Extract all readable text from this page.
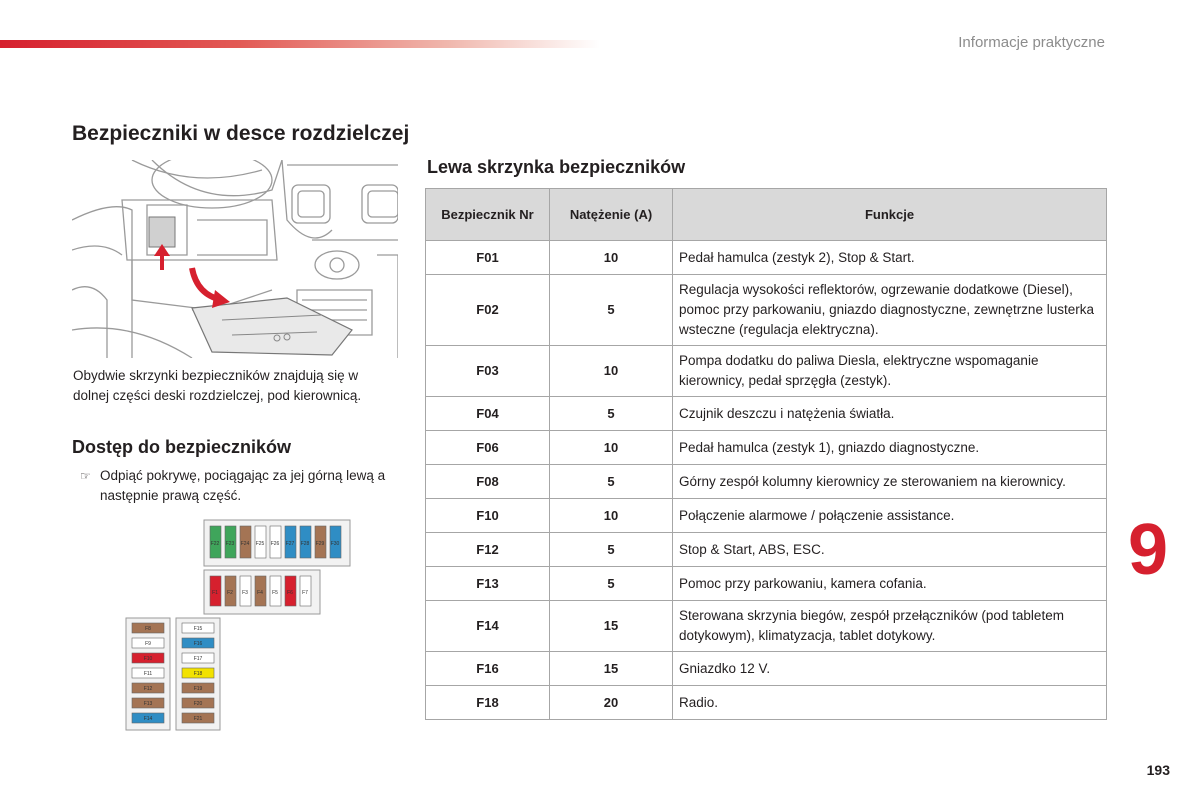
Informacje praktyczne
Bezpieczniki w desce rozdzielczej

Obydwie skrzynki bezpieczników znajdują się w dolnej części deski rozdzielczej, pod kierownicą.

Dostęp do bezpieczników
☞ Odpiąć pokrywę, pociągając za jej górną lewą a następnie prawą część.
F22 F23 F24 F25 F26 F27 F28 F29 F30
F1 F2 F3 F4 F5 F6 F7
F8
F9
F10
F11
F12
F13
F14
F15
F16
F17
F18
F19
F20
F21
Lewa skrzynka bezpieczników
Bezpiecznik Nr	Natężenie (A)	Funkcje
F01	10	Pedał hamulca (zestyk 2), Stop & Start.
F02	5	Regulacja wysokości reflektorów, ogrzewanie dodatkowe (Diesel), pomoc przy parkowaniu, gniazdo diagnostyczne, zewnętrzne lusterka wsteczne (regulacja elektryczna).
F03	10	Pompa dodatku do paliwa Diesla, elektryczne wspomaganie kierownicy, pedał sprzęgła (zestyk).
F04	5	Czujnik deszczu i natężenia światła.
F06	10	Pedał hamulca (zestyk 1), gniazdo diagnostyczne.
F08	5	Górny zespół kolumny kierownicy ze sterowaniem na kierownicy.
F10	10	Połączenie alarmowe / połączenie assistance.
F12	5	Stop & Start, ABS, ESC.
F13	5	Pomoc przy parkowaniu, kamera cofania.
F14	15	Sterowana skrzynia biegów, zespół przełączników (pod tabletem dotykowym), klimatyzacja, tablet dotykowy.
F16	15	Gniazdko 12 V.
F18	20	Radio.
9
193
